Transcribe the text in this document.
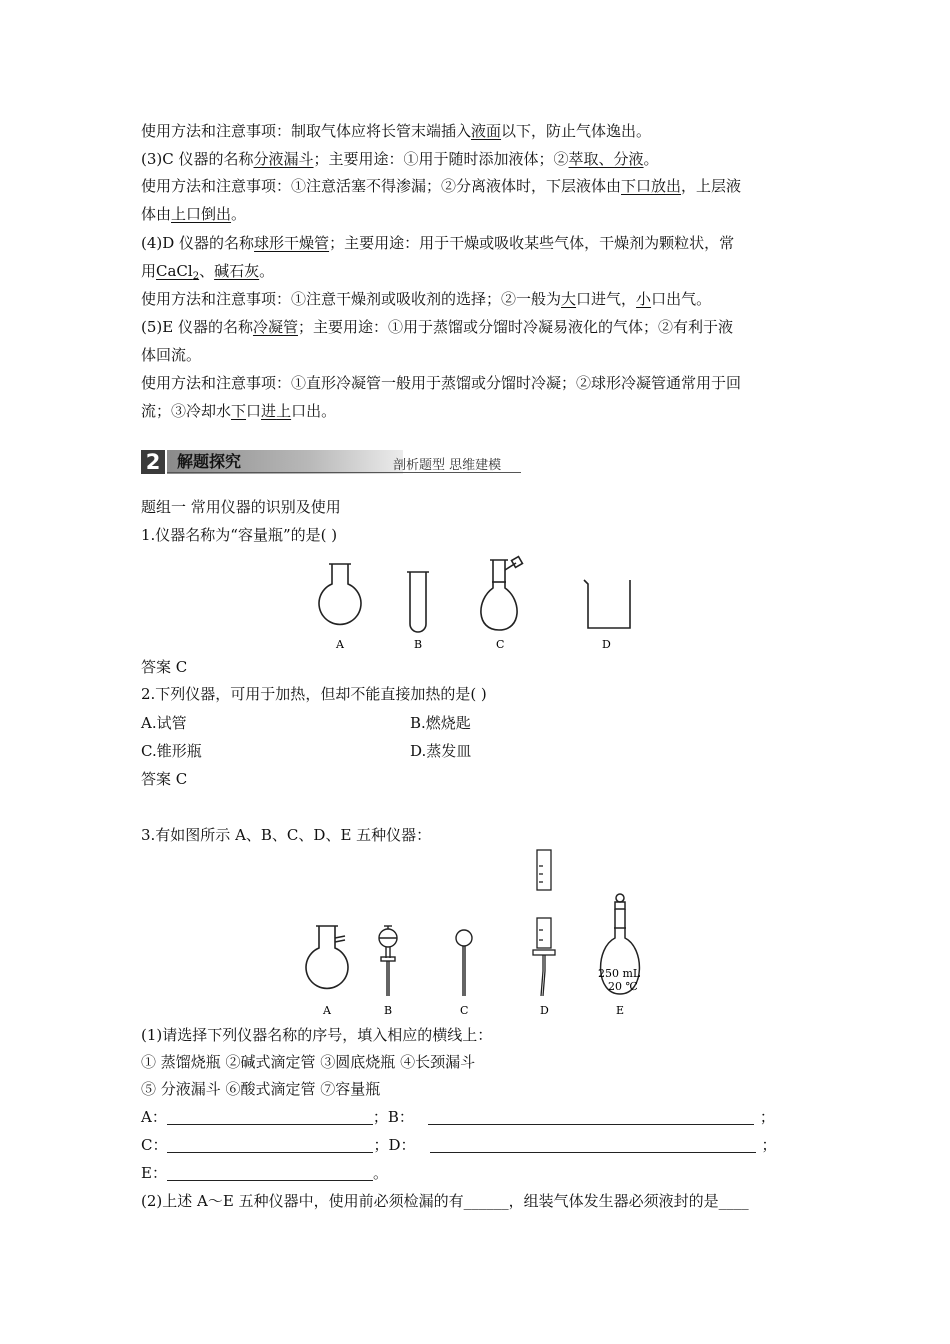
使用方法和注意事项：制取气体应将长管末端插入液面以下，防止气体逸出。
(3)C 仪器的名称分液漏斗；主要用途：①用于随时添加液体；②萃取、分液。
使用方法和注意事项：①注意活塞不得渗漏；②分离液体时，下层液体由下口放出，上层液
体由上口倒出。
(4)D 仪器的名称球形干燥管；主要用途：用于干燥或吸收某些气体，干燥剂为颗粒状，常
用CaCl$_2$、碱石灰。
使用方法和注意事项：①注意干燥剂或吸收剂的选择；②一般为大口进气，小口出气。
(5)E 仪器的名称冷凝管；主要用途：①用于蒸馏或分馏时冷凝易液化的气体；②有利于液
体回流。
使用方法和注意事项：①直形冷凝管一般用于蒸馏或分馏时冷凝；②球形冷凝管通常用于回
流；③冷却水下口进上口出。
2 解题探究	剖析题型 思维建模
题组一 常用仪器的识别及使用
1.仪器名称为“容量瓶”的是( )
A	B	C	D
答案 C
2.下列仪器，可用于加热，但却不能直接加热的是( )
A.试管	B.燃烧匙
C.锥形瓶	D.蒸发皿
答案 C
3.有如图所示 A、B、C、D、E 五种仪器：
250 mL
20 ℃
A	B	C	D	E
(1)请选择下列仪器名称的序号，填入相应的横线上：
① 蒸馏烧瓶 ②碱式滴定管 ③圆底烧瓶 ④长颈漏斗
⑤ 分液漏斗 ⑥酸式滴定管 ⑦容量瓶
A：	；B：	；
C：	；D：	；
E：	。
(2)上述 A～E 五种仪器中，使用前必须检漏的有______，组装气体发生器必须液封的是____
